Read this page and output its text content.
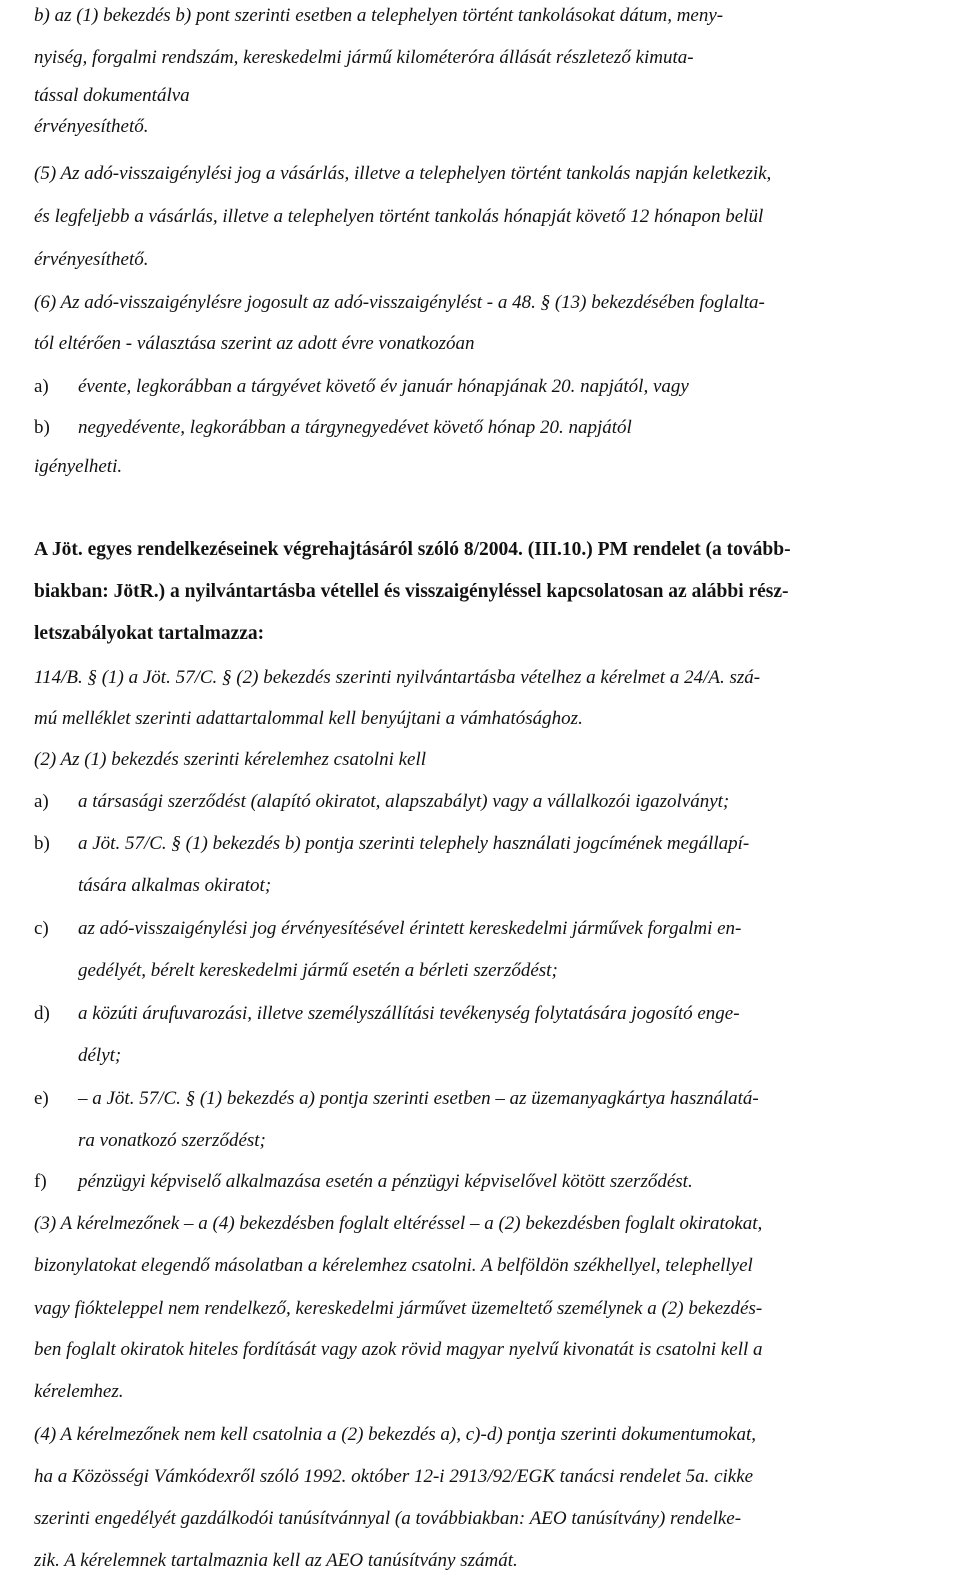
b) az (1) bekezdés b) pont szerinti esetben a telephelyen történt tankolásokat dátum, meny-
nyiség, forgalmi rendszám, kereskedelmi jármű kilométeróra állását részletező kimuta-
tással dokumentálva
érvényesíthető.
(5) Az adó-visszaigénylési jog a vásárlás, illetve a telephelyen történt tankolás napján keletkezik,
és legfeljebb a vásárlás, illetve a telephelyen történt tankolás hónapját követő 12 hónapon belül
érvényesíthető.
(6) Az adó-visszaigénylésre jogosult az adó-visszaigénylést - a 48. § (13) bekezdésében foglalta-
tól eltérően - választása szerint az adott évre vonatkozóan
a) évente, legkorábban a tárgyévet követő év január hónapjának 20. napjától, vagy
b) negyedévente, legkorábban a tárgynegyedévet követő hónap 20. napjától
igényelheti.
A Jöt. egyes rendelkezéseinek végrehajtásáról szóló 8/2004. (III.10.) PM rendelet (a tovább-
biakban: JötR.) a nyilvántartásba vétellel és visszaigényléssel kapcsolatosan az alábbi rész-
letszabályokat tartalmazza:
114/B. § (1) a Jöt. 57/C. § (2) bekezdés szerinti nyilvántartásba vételhez a kérelmet a 24/A. szá-
mú melléklet szerinti adattartalommal kell benyújtani a vámhatósághoz.
(2) Az (1) bekezdés szerinti kérelemhez csatolni kell
a) a társasági szerződést (alapító okiratot, alapszabályt) vagy a vállalkozói igazolványt;
b) a Jöt. 57/C. § (1) bekezdés b) pontja szerinti telephely használati jogcímének megállapí-
tására alkalmas okiratot;
c) az adó-visszaigénylési jog érvényesítésével érintett kereskedelmi járművek forgalmi en-
gedélyét, bérelt kereskedelmi jármű esetén a bérleti szerződést;
d) a közúti árufuvarozási, illetve személyszállítási tevékenység folytatására jogosító enge-
délyt;
e) – a Jöt. 57/C. § (1) bekezdés a) pontja szerinti esetben – az üzemanyagkártya használatá-
ra vonatkozó szerződést;
f) pénzügyi képviselő alkalmazása esetén a pénzügyi képviselővel kötött szerződést.
(3) A kérelmezőnek – a (4) bekezdésben foglalt eltéréssel – a (2) bekezdésben foglalt okiratokat,
bizonylatokat elegendő másolatban a kérelemhez csatolni. A belföldön székhellyel, telephellyel
vagy fiókteleppel nem rendelkező, kereskedelmi járművet üzemeltető személynek a (2) bekezdés-
ben foglalt okiratok hiteles fordítását vagy azok rövid magyar nyelvű kivonatát is csatolni kell a
kérelemhez.
(4) A kérelmezőnek nem kell csatolnia a (2) bekezdés a), c)-d) pontja szerinti dokumentumokat,
ha a Közösségi Vámkódexről szóló 1992. október 12-i 2913/92/EGK tanácsi rendelet 5a. cikke
szerinti engedélyét gazdálkodói tanúsítvánnyal (a továbbiakban: AEO tanúsítvány) rendelke-
zik. A kérelemnek tartalmaznia kell az AEO tanúsítvány számát.
